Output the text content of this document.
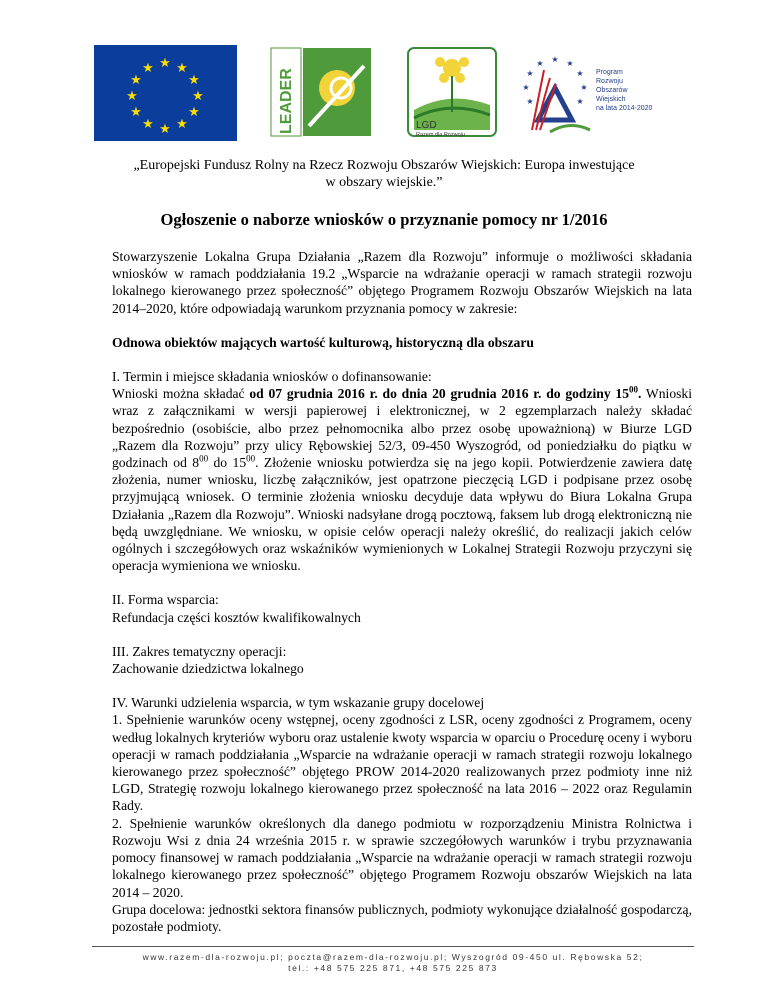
★ ★
★
★
★
★
★
★
★
★
★
★	LEADER	LGD
Razem dla Rozwoju
★ ★
★
★
★
★
★
★	★
Program
Rozwoju
Obszarów
Wiejskich
na lata 2014-2020
„Europejski Fundusz Rolny na Rzecz Rozwoju Obszarów Wiejskich: Europa inwestujące
w obszary wiejskie.”
Ogłoszenie o naborze wniosków o przyznanie pomocy nr 1/2016

Stowarzyszenie Lokalna Grupa Działania „Razem dla Rozwoju” informuje o możliwości składania wniosków w ramach poddziałania 19.2 „Wsparcie na wdrażanie operacji w ramach strategii rozwoju lokalnego kierowanego przez społeczność” objętego Programem Rozwoju Obszarów Wiejskich na lata 2014–2020, które odpowiadają warunkom przyznania pomocy w zakresie:

Odnowa obiektów mających wartość kulturową, historyczną dla obszaru

I. Termin i miejsce składania wniosków o dofinansowanie:

Wnioski można składać od 07 grudnia 2016 r. do dnia 20 grudnia 2016 r. do godziny $15^{00}$. Wnioski wraz z załącznikami w wersji papierowej i elektronicznej, w 2 egzemplarzach należy składać bezpośrednio (osobiście, albo przez pełnomocnika albo przez osobę upoważnioną) w Biurze LGD „Razem dla Rozwoju” przy ulicy Rębowskiej 52/3, 09-450 Wyszogród, od poniedziałku do piątku w godzinach od $8^{00}$ do $15^{00}$. Złożenie wniosku potwierdza się na jego kopii. Potwierdzenie zawiera datę złożenia, numer wniosku, liczbę załączników, jest opatrzone pieczęcią LGD i podpisane przez osobę przyjmującą wniosek. O terminie złożenia wniosku decyduje data wpływu do Biura Lokalna Grupa Działania „Razem dla Rozwoju”. Wnioski nadsyłane drogą pocztową, faksem lub drogą elektroniczną nie będą uwzględniane. We wniosku, w opisie celów operacji należy określić, do realizacji jakich celów ogólnych i szczegółowych oraz wskaźników wymienionych w Lokalnej Strategii Rozwoju przyczyni się operacja wymieniona we wniosku.

II. Forma wsparcia:

Refundacja części kosztów kwalifikowalnych

III. Zakres tematyczny operacji:

Zachowanie dziedzictwa lokalnego

IV. Warunki udzielenia wsparcia, w tym wskazanie grupy docelowej

1. Spełnienie warunków oceny wstępnej, oceny zgodności z LSR, oceny zgodności z Programem, oceny według lokalnych kryteriów wyboru oraz ustalenie kwoty wsparcia w oparciu o Procedurę oceny i wyboru operacji w ramach poddziałania „Wsparcie na wdrażanie operacji w ramach strategii rozwoju lokalnego kierowanego przez społeczność” objętego PROW 2014-2020 realizowanych przez podmioty inne niż LGD, Strategię rozwoju lokalnego kierowanego przez społeczność na lata 2016 – 2022 oraz Regulamin Rady.

2. Spełnienie warunków określonych dla danego podmiotu w rozporządzeniu Ministra Rolnictwa i Rozwoju Wsi z dnia 24 września 2015 r. w sprawie szczegółowych warunków i trybu przyznawania pomocy finansowej w ramach poddziałania „Wsparcie na wdrażanie operacji w ramach strategii rozwoju lokalnego kierowanego przez społeczność” objętego Programem Rozwoju obszarów Wiejskich na lata 2014 – 2020.

Grupa docelowa: jednostki sektora finansów publicznych, podmioty wykonujące działalność gospodarczą, pozostałe podmioty.

www.razem-dla-rozwoju.pl; poczta@razem-dla-rozwoju.pl; Wyszogród 09-450 ul. Rębowska 52;
tel.: +48 575 225 871, +48 575 225 873
